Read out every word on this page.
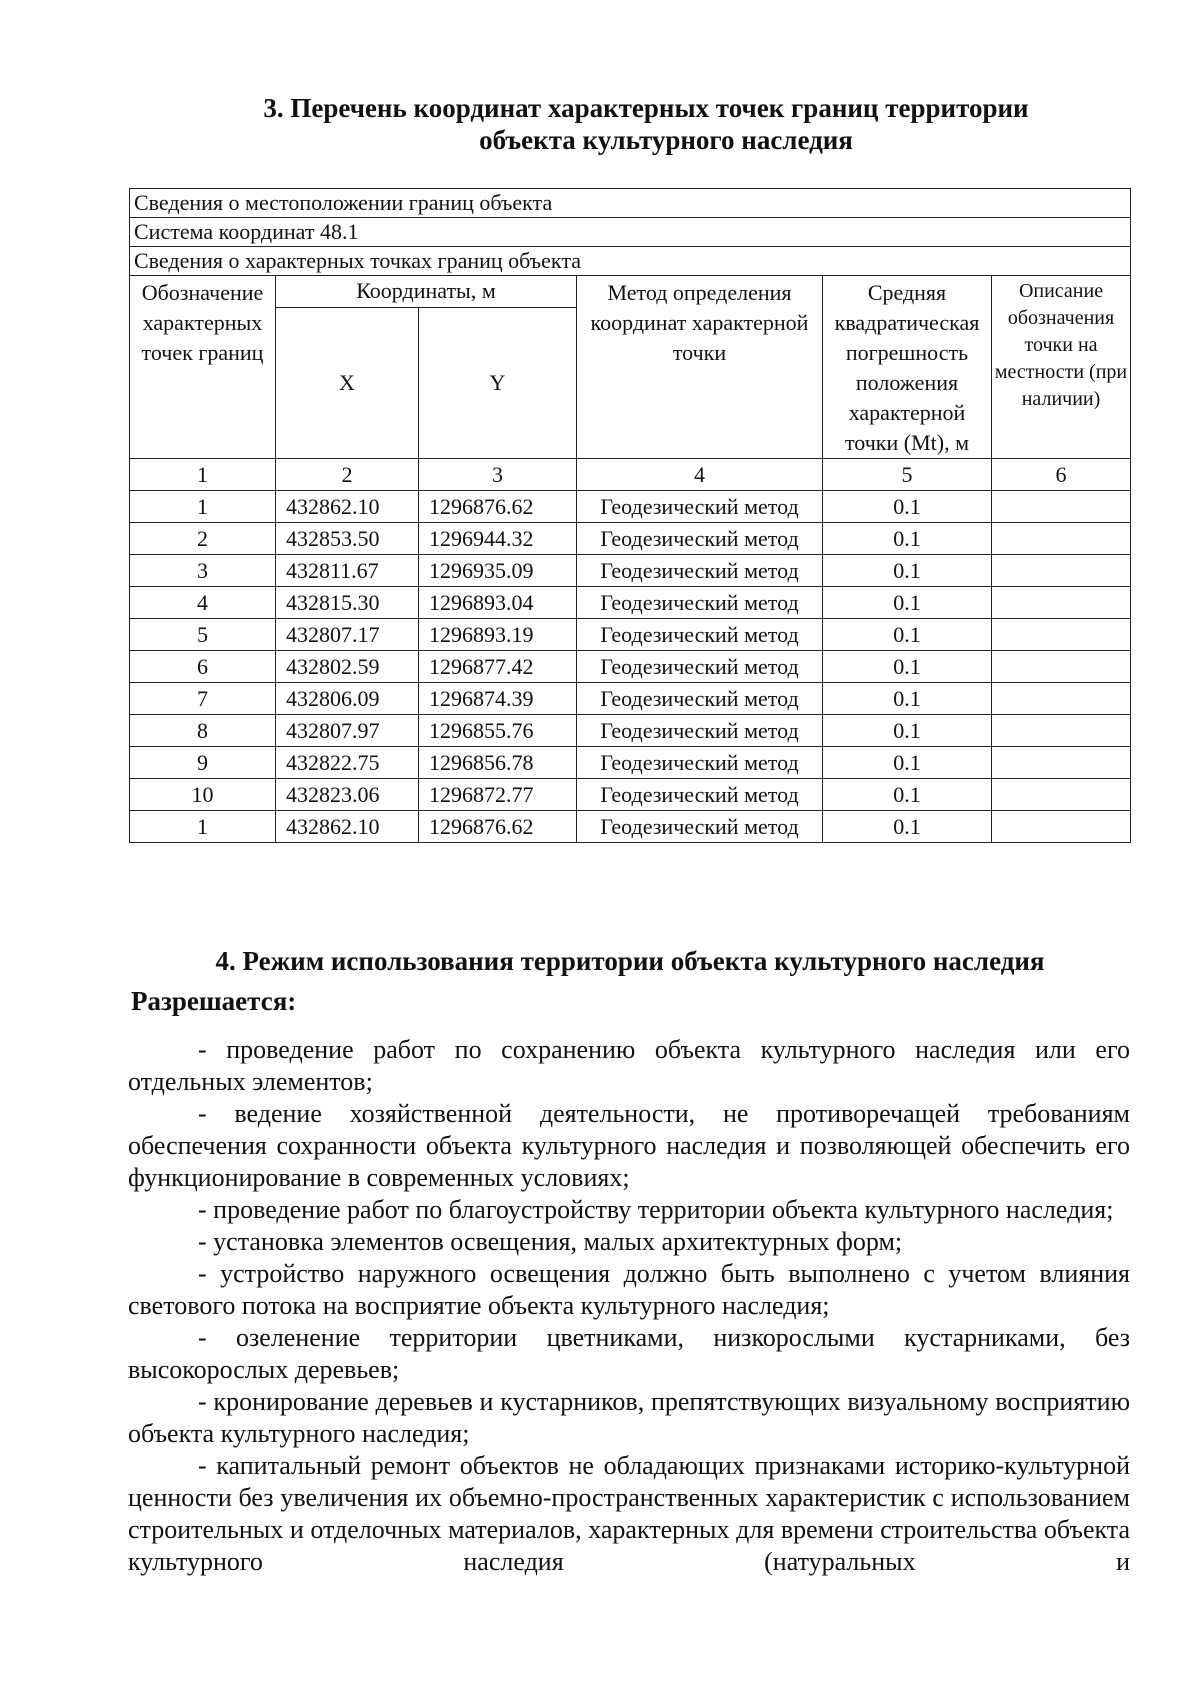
3. Перечень координат характерных точек границ территории
объекта культурного наследия
Сведения о местоположении границ объекта					
Система координат 48.1					
Сведения о характерных точках границ объекта					
Обозначение характерных точек границ	Координаты, м		Метод определения координат характерной точки	Средняя квадратическая погрешность положения характерной точки (Mt), м	Описание обозначения точки на местности (при наличии)
	X	Y			
1	2	3	4	5	6
1	432862.10	1296876.62	Геодезический метод	0.1	
2	432853.50	1296944.32	Геодезический метод	0.1	
3	432811.67	1296935.09	Геодезический метод	0.1	
4	432815.30	1296893.04	Геодезический метод	0.1	
5	432807.17	1296893.19	Геодезический метод	0.1	
6	432802.59	1296877.42	Геодезический метод	0.1	
7	432806.09	1296874.39	Геодезический метод	0.1	
8	432807.97	1296855.76	Геодезический метод	0.1	
9	432822.75	1296856.78	Геодезический метод	0.1	
10	432823.06	1296872.77	Геодезический метод	0.1	
1	432862.10	1296876.62	Геодезический метод	0.1	
4. Режим использования территории объекта культурного наследия
Разрешается:

- проведение работ по сохранению объекта культурного наследия или его отдельных элементов;

- ведение хозяйственной деятельности, не противоречащей требованиям обеспечения сохранности объекта культурного наследия и позволяющей обеспечить его функционирование в современных условиях;

- проведение работ по благоустройству территории объекта культурного наследия;

- установка элементов освещения, малых архитектурных форм;

- устройство наружного освещения должно быть выполнено с учетом влияния светового потока на восприятие объекта культурного наследия;

- озеленение территории цветниками, низкорослыми кустарниками, без высокорослых деревьев;

- кронирование деревьев и кустарников, препятствующих визуальному восприятию объекта культурного наследия;

- капитальный ремонт объектов не обладающих признаками историко-культурной ценности без увеличения их объемно-пространственных характеристик с использованием строительных и отделочных материалов, характерных для времени строительства объекта культурного наследия (натуральных и
